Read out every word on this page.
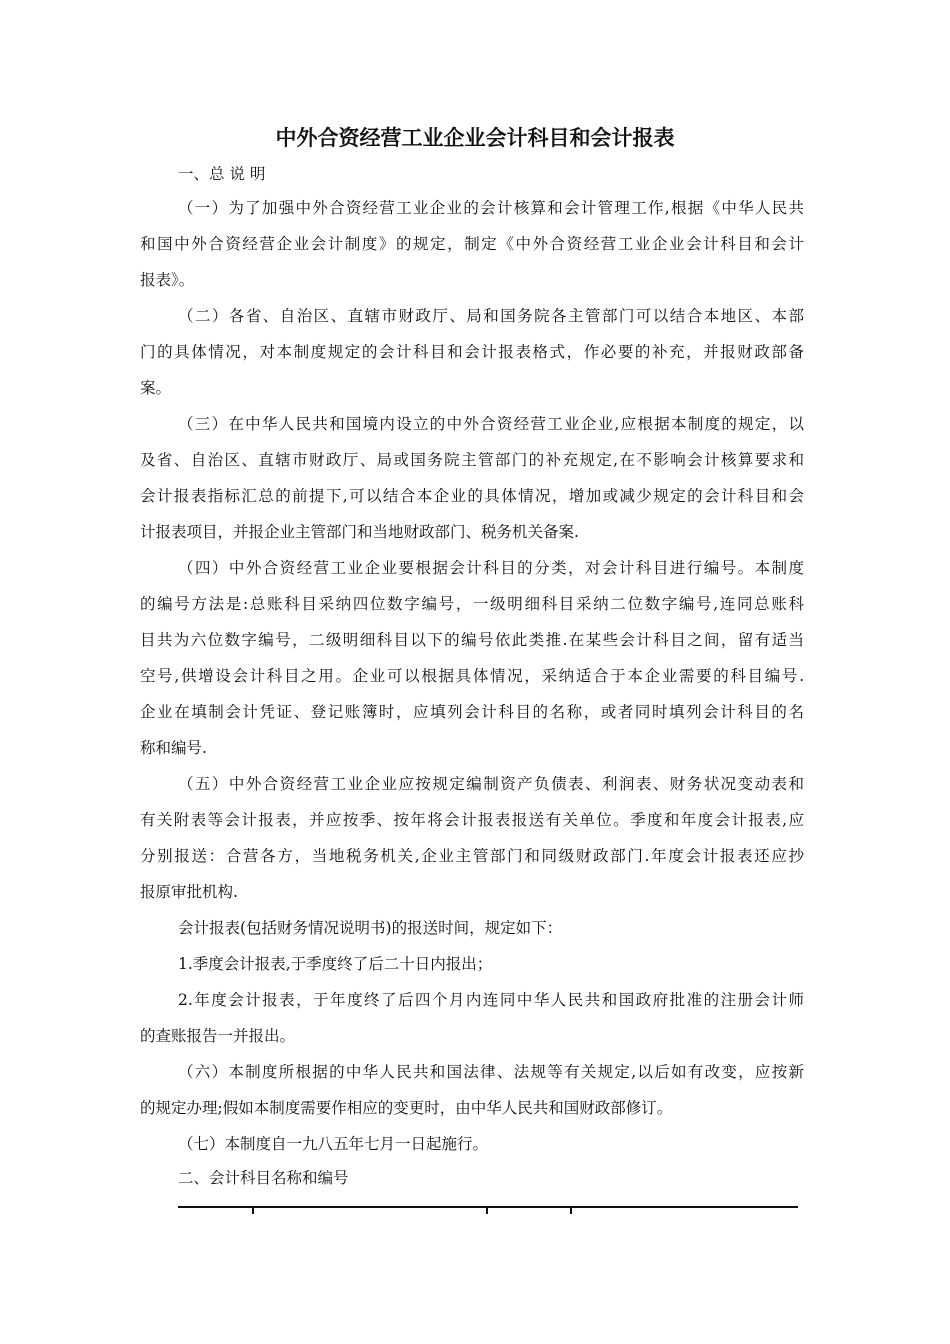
中外合资经营工业企业会计科目和会计报表
一、总 说 明
（一）为了加强中外合资经营工业企业的会计核算和会计管理工作,根据《中华人民共
和国中外合资经营企业会计制度》的规定，制定《中外合资经营工业企业会计科目和会计
报表》。
（二）各省、自治区、直辖市财政厅、局和国务院各主管部门可以结合本地区、本部
门的具体情况，对本制度规定的会计科目和会计报表格式，作必要的补充，并报财政部备
案。
（三）在中华人民共和国境内设立的中外合资经营工业企业,应根据本制度的规定，以
及省、自治区、直辖市财政厅、局或国务院主管部门的补充规定,在不影响会计核算要求和
会计报表指标汇总的前提下,可以结合本企业的具体情况，增加或减少规定的会计科目和会
计报表项目，并报企业主管部门和当地财政部门、税务机关备案.
（四）中外合资经营工业企业要根据会计科目的分类，对会计科目进行编号。本制度
的编号方法是:总账科目采纳四位数字编号，一级明细科目采纳二位数字编号,连同总账科
目共为六位数字编号，二级明细科目以下的编号依此类推.在某些会计科目之间，留有适当
空号,供增设会计科目之用。企业可以根据具体情况，采纳适合于本企业需要的科目编号.
企业在填制会计凭证、登记账簿时，应填列会计科目的名称，或者同时填列会计科目的名
称和编号.
（五）中外合资经营工业企业应按规定编制资产负债表、利润表、财务状况变动表和
有关附表等会计报表，并应按季、按年将会计报表报送有关单位。季度和年度会计报表,应
分别报送：合营各方，当地税务机关,企业主管部门和同级财政部门.年度会计报表还应抄
报原审批机构.
会计报表(包括财务情况说明书)的报送时间，规定如下：
1.季度会计报表,于季度终了后二十日内报出；
2.年度会计报表，于年度终了后四个月内连同中华人民共和国政府批准的注册会计师
的查账报告一并报出。
（六）本制度所根据的中华人民共和国法律、法规等有关规定,以后如有改变，应按新
的规定办理;假如本制度需要作相应的变更时，由中华人民共和国财政部修订。
（七）本制度自一九八五年七月一日起施行。
二、会计科目名称和编号
